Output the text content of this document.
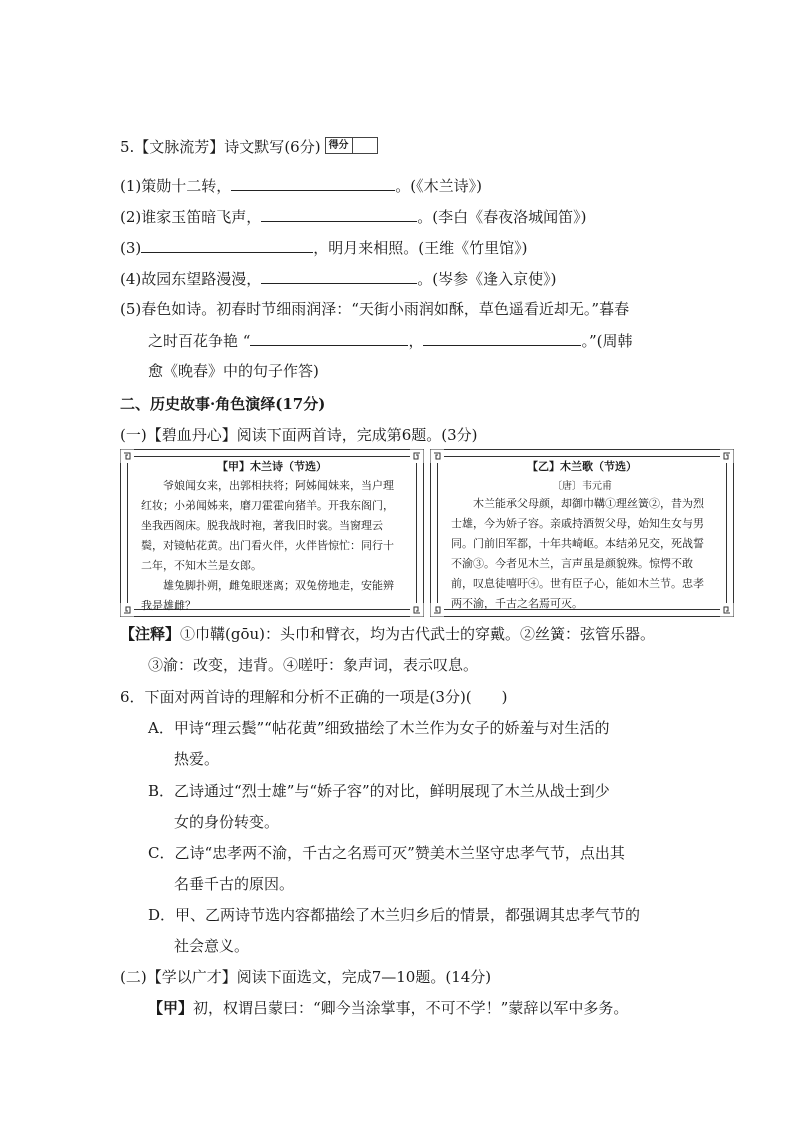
5.【文脉流芳】诗文默写(6分) 得分
(1)策勋十二转，	。(《木兰诗》)
(2)谁家玉笛暗飞声，	。(李白《春夜洛城闻笛》)
(3)	，明月来相照。(王维《竹里馆》)
(4)故园东望路漫漫，	。(岑参《逢入京使》)
(5)春色如诗。初春时节细雨润泽：“天街小雨润如酥，草色遥看近却无。”暮春
之时百花争艳 “	，	。”(周韩
愈《晚春》中的句子作答)
二、历史故事·角色演绎(17分)
(一)【碧血丹心】阅读下面两首诗，完成第6题。(3分)
【甲】木兰诗（节选）

爷娘闻女来，出郭相扶将；阿姊闻妹来，当户理红妆；小弟闻姊来，磨刀霍霍向猪羊。开我东阁门，坐我西阁床。脱我战时袍，著我旧时裳。当窗理云鬓，对镜帖花黄。出门看火伴，火伴皆惊忙：同行十二年，不知木兰是女郎。

雄兔脚扑朔，雌兔眼迷离；双兔傍地走，安能辨我是雄雌？

【乙】木兰歌（节选）
〔唐〕韦元甫

木兰能承父母颜，却御巾鞲①理丝簧②，昔为烈士雄，今为娇子容。亲戚持酒贺父母，始知生女与男同。门前旧军都，十年共崎岖。本结弟兄交，死战誓不渝③。今者见木兰，言声虽是颜貌殊。惊愕不敢前，叹息徒嘻吁④。世有臣子心，能如木兰节。忠孝两不渝，千古之名焉可灭。

【注释】①巾鞲(gōu)：头巾和臂衣，均为古代武士的穿戴。②丝簧：弦管乐器。
③渝：改变，违背。④嗟吁：象声词，表示叹息。
6．下面对两首诗的理解和分析不正确的一项是(3分)(　　)
A．甲诗“理云鬓”“帖花黄”细致描绘了木兰作为女子的娇羞与对生活的
热爱。
B．乙诗通过“烈士雄”与“娇子容”的对比，鲜明展现了木兰从战士到少
女的身份转变。
C．乙诗“忠孝两不渝，千古之名焉可灭”赞美木兰坚守忠孝气节，点出其
名垂千古的原因。
D．甲、乙两诗节选内容都描绘了木兰归乡后的情景，都强调其忠孝气节的
社会意义。
(二)【学以广才】阅读下面选文，完成7—10题。(14分)
【甲】初，权谓吕蒙曰：“卿今当涂掌事，不可不学！”蒙辞以军中多务。
